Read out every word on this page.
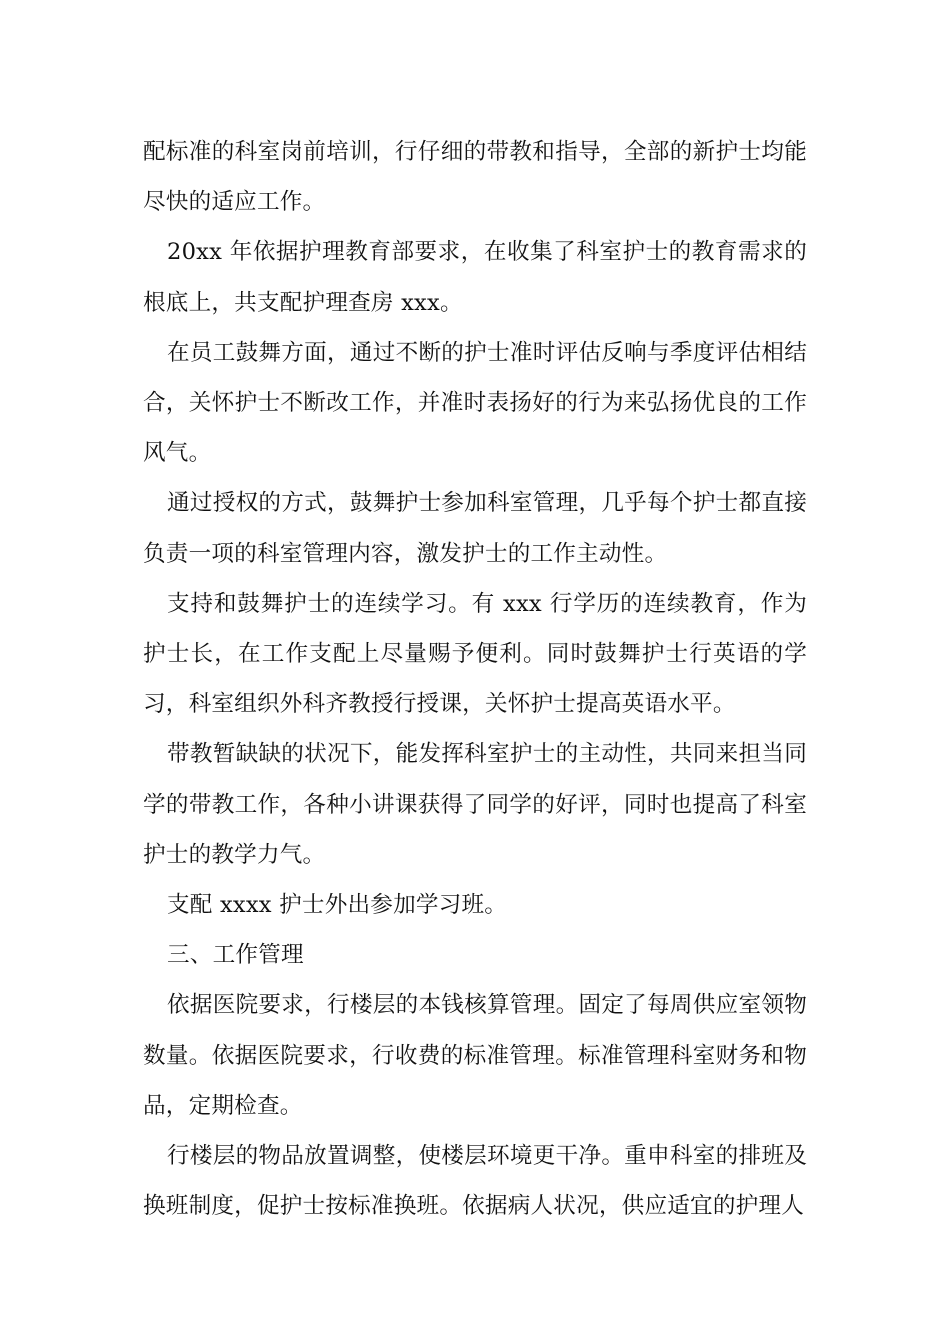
配标准的科室岗前培训，行仔细的带教和指导，全部的新护士均能尽快的适应工作。

20xx 年依据护理教育部要求，在收集了科室护士的教育需求的根底上，共支配护理查房 xxx。

在员工鼓舞方面，通过不断的护士准时评估反响与季度评估相结合，关怀护士不断改工作，并准时表扬好的行为来弘扬优良的工作风气。

通过授权的方式，鼓舞护士参加科室管理，几乎每个护士都直接负责一项的科室管理内容，激发护士的工作主动性。

支持和鼓舞护士的连续学习。有 xxx 行学历的连续教育，作为护士长，在工作支配上尽量赐予便利。同时鼓舞护士行英语的学习，科室组织外科齐教授行授课，关怀护士提高英语水平。

带教暂缺缺的状况下，能发挥科室护士的主动性，共同来担当同学的带教工作，各种小讲课获得了同学的好评，同时也提高了科室护士的教学力气。

支配 xxxx 护士外出参加学习班。

三、工作管理

依据医院要求，行楼层的本钱核算管理。固定了每周供应室领物数量。依据医院要求，行收费的标准管理。标准管理科室财务和物品，定期检查。

行楼层的物品放置调整，使楼层环境更干净。重申科室的排班及换班制度，促护士按标准换班。依据病人状况，供应适宜的护理人
